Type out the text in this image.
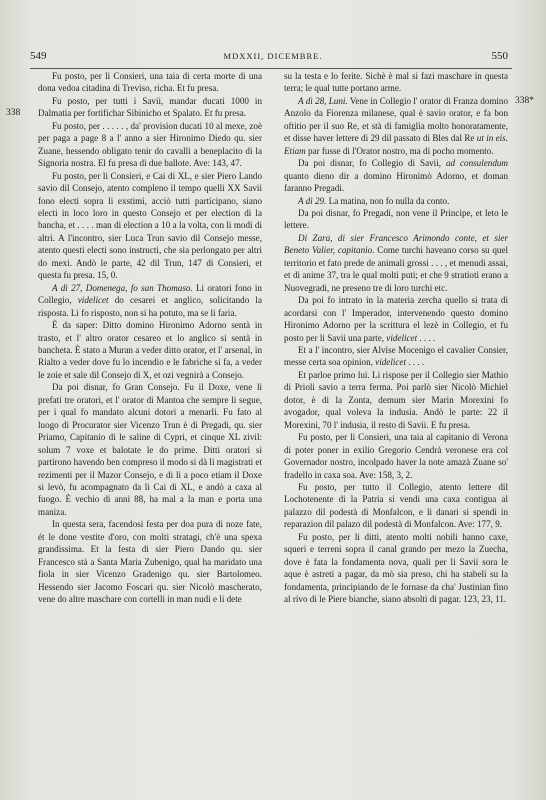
549	MDXXII, DICEMBRE.	550
338
338*

Fu posto, per li Consieri, una taia di certa morte di una dona vedoa citadina di Treviso, richa. Et fu presa.

Fu posto, per tutti i Savii, mandar ducati 1000 in Dalmatia per fortifichar Sibinicho et Spalato. Et fu presa.

Fu posto, per . . . . . , da' provision ducati 10 al mexe, zoè per paga a page 8 a l' anno a sier Hironimo Diedo qu. sier Zuane, hessendo obligato tenir do cavalli a beneplacito di la Signoria nostra. El fu presa di due ballote. Ave: 143, 47.

Fu posto, per li Consieri, e Cai di XL, e sier Piero Lando savio dil Consejo, atento compleno il tempo quelli XX Savii fono electi sopra li exstimi, acciò tutti participano, siano electi in loco loro in questo Consejo et per election di la bancha, et . . . . man di election a 10 a la volta, con li modi di altri. A l'incontro, sier Luca Trun savio dil Consejo messe, atento questi electi sono instructi, che sia perlongato per altri do mexi. Andò le parte, 42 dil Trun, 147 di Consieri, et questa fu presa. 15, 0.

A dì 27, Domenega, fo san Thomaso. Li oratori fono in Collegio, videlicet do cesarei et anglico, solicitando la risposta. Li fo risposto, non si ha potuto, ma se li faria.

È da saper: Ditto domino Hironimo Adorno sentà in trasto, et l' altro orator cesareo et lo anglico si sentà in bancheta. È stato a Muran a veder ditto orator, et l' arsenal, in Rialto a veder dove fu lo incendio e le fabriche si fa, a veder le zoie et sale dil Consejo di X, et ozi vegnirà a Consejo.

Da poi disnar, fo Gran Consejo. Fu il Doxe, vene li prefati tre oratori, et l' orator di Mantoa che sempre li segue, per i qual fo mandato alcuni dotori a menarli. Fu fato al luogo di Procurator sier Vicenzo Trun è di Pregadi, qu. sier Priamo, Capitanio di le saline di Cypri, et cinque XL zivil: solum 7 voxe et balotate le do prime. Ditti oratori si partirono havendo ben compreso il modo si dà li magistrati et rezimenti per il Mazor Consejo, e di li a poco etiam il Doxe si levò, fu acompagnato da li Cai di XL, e andò a caxa al fuogo. È vechio di anni 88, ha mal a la man e porta una maniza.

In questa sera, facendosi festa per doa pura di noze fate, ét le done vestite d'oro, con molti stratagi, ch'è una spexa grandissima. Et la festa di sier Piero Dando qu. sier Francesco stà a Santa Maria Zubenigo, qual ha maridato una fiola in sier Vicenzo Gradenigo qu. sier Bartolomeo. Hessendo sier Jacomo Foscari qu. sier Nicolò mascherato, vene do altre maschare con cortelli in man nudi e li dete

su la testa e lo ferite. Sichè è mal si fazi maschare in questa terra; le qual tutte portano arme.

A dì 28, Luni. Vene in Collegio l' orator di Franza domino Anzolo da Fiorenza milanese, qual è savio orator, e fa bon oftitio per il suo Re, et stà di famiglia molto honoratamente, et disse haver lettere di 29 dil passato di Bles dal Re ut in eis. Etiam par fusse di l'Orator nostro, ma di pocho momento.

Da poi disnar, fo Collegio di Savii, ad consulendum quanto dieno dir a domino Hironimò Adorno, et doman faranno Pregadi.

A dì 29. La matina, non fo nulla da conto.

Da poi disnar, fo Pregadi, non vene il Principe, et leto le lettere.

Di Zara, di sier Francesco Arimondo conte, et sier Beneto Valier, capitanio. Come turchi haveano corso su quel territorio et fato prede de animali grossi . . . , et menudi assai, et di anime 37, tra le qual molti puti; et che 9 stratioti erano a Nuovegradi, ne preseno tre di loro turchi etc.

Da poi fo intrato in la materia zercha quello si trata di acordarsi con l' Imperador, intervenendo questo domino Hironimo Adorno per la scrittura el lezè in Collegio, et fu posto per li Savii una parte, videlicet . . . .

Et a l' incontro, sier Alvise Mocenigo el cavalier Consier, messe certa soa opinion, videlicet . . . .

Et parloe primo lui. Li rispose per il Collegio sier Mathio di Prioli savio a terra ferma. Poi parlò sier Nicolò Michiel dotor, è di la Zonta, demum sier Marin Morexini fo avogador, qual voleva la indusia. Andò le parte: 22 il Morexini, 70 l' indusia, il resto di Savii. E fu presa.

Fu posto, per li Consieri, una taia al capitanio di Verona di poter poner in exilio Gregorio Cendrà veronese era col Governador nostro, incolpado haver la note amazà Zuane so' fradello in caxa soa. Ave: 158, 3, 2.

Fu posto, per tutto il Collegio, atento lettere dil Lochotenente di la Patria si vendi una caxa contigua al palazzo dil podestà di Monfalcon, e li danari si spendi in reparazion dil palazo dil podestà di Monfalcon. Ave: 177, 9.

Fu posto, per li ditti, atento molti nobili hanno caxe, squeri e terreni sopra il canal grando per mezo la Zuecha, dove è fata la fondamenta nova, quali per li Savii sora le aque è astreti a pagar, da mò sia preso, chi ha stabeli su la fondamenta, principiando de le fornase da cha' Justinian fino al rivo di le Piere bianche, siano absolti di pagar. 123, 23, 11.
